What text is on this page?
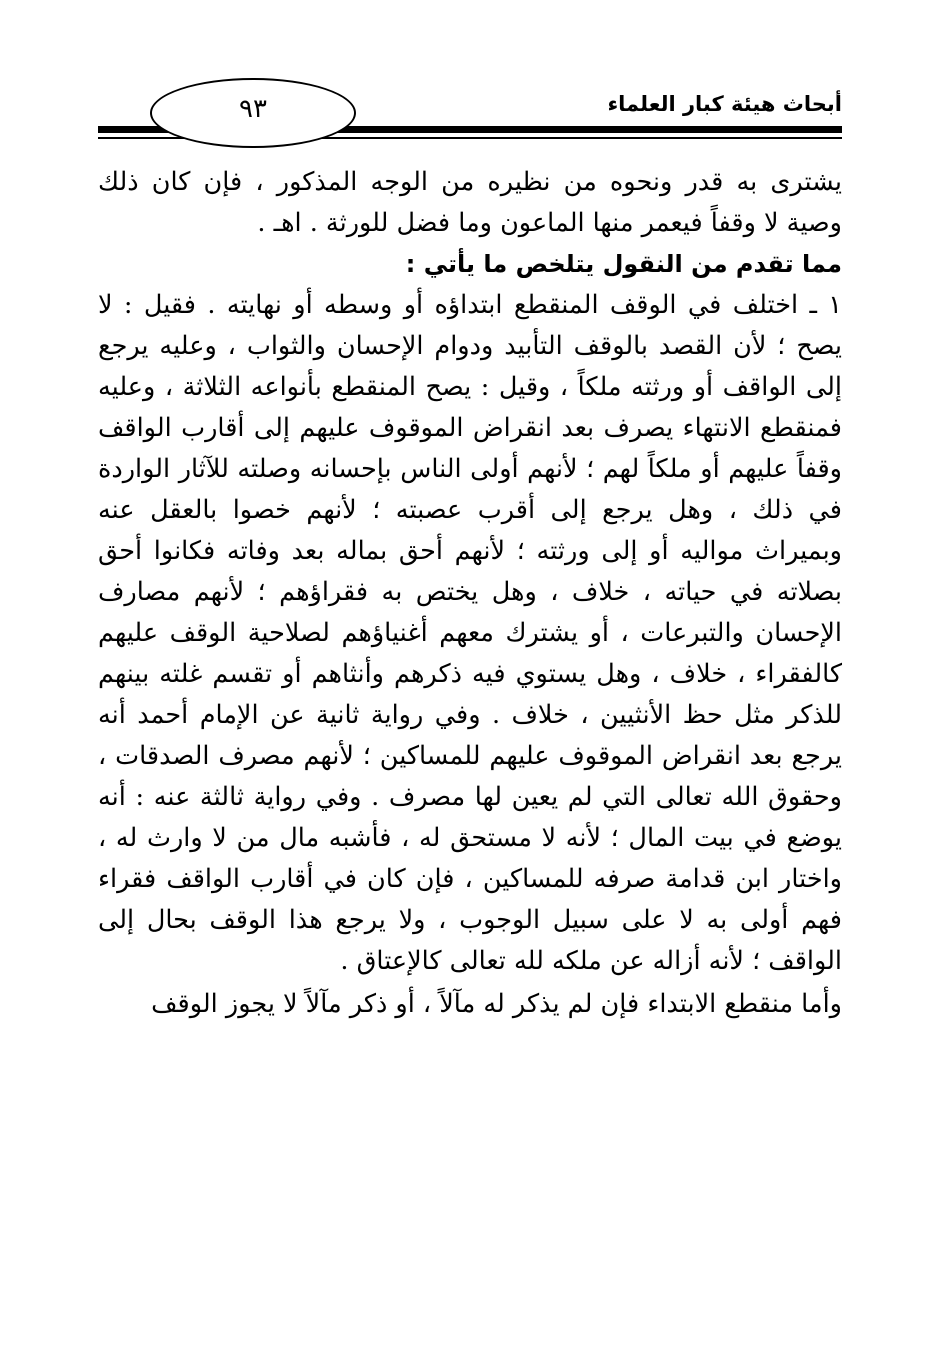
أبحاث هيئة كبار العلماء
٩٣

يشترى به قدر ونحوه من نظيره من الوجه المذكور ، فإن كان ذلك وصية لا وقفاً فيعمر منها الماعون وما فضل للورثة . اهـ .

مما تقدم من النقول يتلخص ما يأتي :

١ ـ اختلف في الوقف المنقطع ابتداؤه أو وسطه أو نهايته . فقيل : لا يصح ؛ لأن القصد بالوقف التأبيد ودوام الإحسان والثواب ، وعليه يرجع إلى الواقف أو ورثته ملكاً ، وقيل : يصح المنقطع بأنواعه الثلاثة ، وعليه فمنقطع الانتهاء يصرف بعد انقراض الموقوف عليهم إلى أقارب الواقف وقفاً عليهم أو ملكاً لهم ؛ لأنهم أولى الناس بإحسانه وصلته للآثار الواردة في ذلك ، وهل يرجع إلى أقرب عصبته ؛ لأنهم خصوا بالعقل عنه وبميراث مواليه أو إلى ورثته ؛ لأنهم أحق بماله بعد وفاته فكانوا أحق بصلاته في حياته ، خلاف ، وهل يختص به فقراؤهم ؛ لأنهم مصارف الإحسان والتبرعات ، أو يشترك معهم أغنياؤهم لصلاحية الوقف عليهم كالفقراء ، خلاف ، وهل يستوي فيه ذكرهم وأنثاهم أو تقسم غلته بينهم للذكر مثل حظ الأنثيين ، خلاف . وفي رواية ثانية عن الإمام أحمد أنه يرجع بعد انقراض الموقوف عليهم للمساكين ؛ لأنهم مصرف الصدقات ، وحقوق الله تعالى التي لم يعين لها مصرف . وفي رواية ثالثة عنه : أنه يوضع في بيت المال ؛ لأنه لا مستحق له ، فأشبه مال من لا وارث له ، واختار ابن قدامة صرفه للمساكين ، فإن كان في أقارب الواقف فقراء فهم أولى به لا على سبيل الوجوب ، ولا يرجع هذا الوقف بحال إلى الواقف ؛ لأنه أزاله عن ملكه لله تعالى كالإعتاق .

وأما منقطع الابتداء فإن لم يذكر له مآلاً ، أو ذكر مآلاً لا يجوز الوقف
